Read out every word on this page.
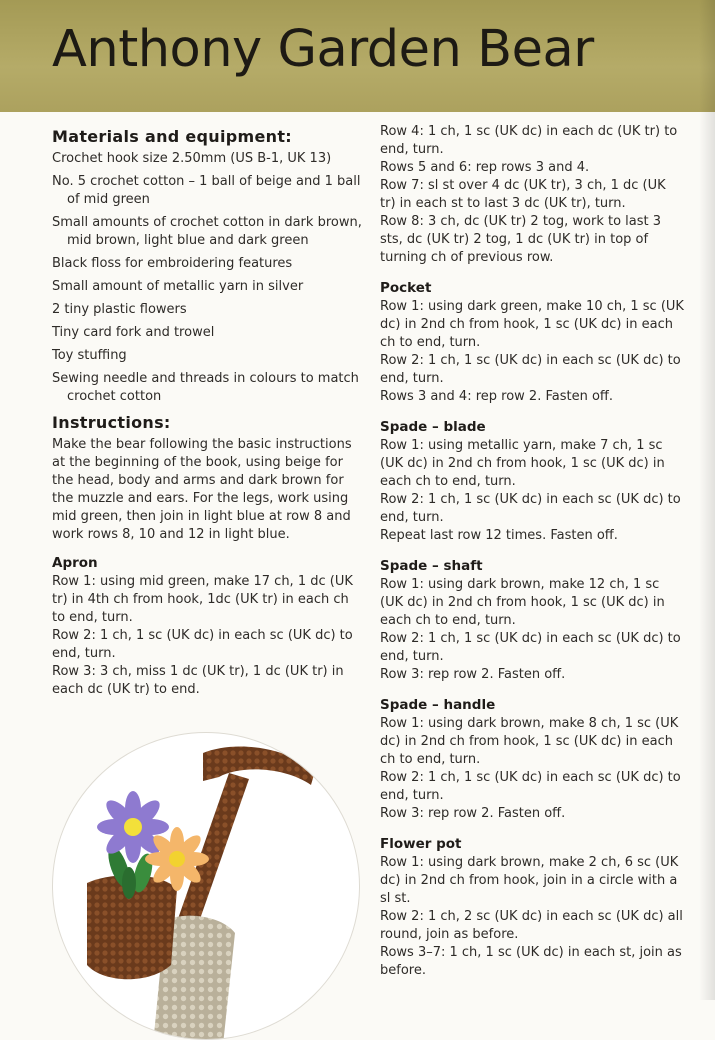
Anthony Garden Bear
Materials and equipment:
Crochet hook size 2.50mm (US B-1, UK 13)
No. 5 crochet cotton – 1 ball of beige and 1 ball of mid green
Small amounts of crochet cotton in dark brown, mid brown, light blue and dark green
Black floss for embroidering features
Small amount of metallic yarn in silver
2 tiny plastic flowers
Tiny card fork and trowel
Toy stuffing
Sewing needle and threads in colours to match crochet cotton
Instructions:

Make the bear following the basic instructions at the beginning of the book, using beige for the head, body and arms and dark brown for the muzzle and ears. For the legs, work using mid green, then join in light blue at row 8 and work rows 8, 10 and 12 in light blue.

Apron

Row 1: using mid green, make 17 ch, 1 dc (UK tr) in 4th ch from hook, 1dc (UK tr) in each ch to end, turn.

Row 2: 1 ch, 1 sc (UK dc) in each sc (UK dc) to end, turn.

Row 3: 3 ch, miss 1 dc (UK tr), 1 dc (UK tr) in each dc (UK tr) to end.

Row 4: 1 ch, 1 sc (UK dc) in each dc (UK tr) to end, turn.

Rows 5 and 6: rep rows 3 and 4.

Row 7: sl st over 4 dc (UK tr), 3 ch, 1 dc (UK tr) in each st to last 3 dc (UK tr), turn.

Row 8: 3 ch, dc (UK tr) 2 tog, work to last 3 sts, dc (UK tr) 2 tog, 1 dc (UK tr) in top of turning ch of previous row.

Pocket

Row 1: using dark green, make 10 ch, 1 sc (UK dc) in 2nd ch from hook, 1 sc (UK dc) in each ch to end, turn.

Row 2: 1 ch, 1 sc (UK dc) in each sc (UK dc) to end, turn.

Rows 3 and 4: rep row 2. Fasten off.

Spade – blade

Row 1: using metallic yarn, make 7 ch, 1 sc (UK dc) in 2nd ch from hook, 1 sc (UK dc) in each ch to end, turn.

Row 2: 1 ch, 1 sc (UK dc) in each sc (UK dc) to end, turn.

Repeat last row 12 times. Fasten off.

Spade – shaft

Row 1: using dark brown, make 12 ch, 1 sc (UK dc) in 2nd ch from hook, 1 sc (UK dc) in each ch to end, turn.

Row 2: 1 ch, 1 sc (UK dc) in each sc (UK dc) to end, turn.

Row 3: rep row 2. Fasten off.

Spade – handle

Row 1: using dark brown, make 8 ch, 1 sc (UK dc) in 2nd ch from hook, 1 sc (UK dc) in each ch to end, turn.

Row 2: 1 ch, 1 sc (UK dc) in each sc (UK dc) to end, turn.

Row 3: rep row 2. Fasten off.

Flower pot

Row 1: using dark brown, make 2 ch, 6 sc (UK dc) in 2nd ch from hook, join in a circle with a sl st.

Row 2: 1 ch, 2 sc (UK dc) in each sc (UK dc) all round, join as before.

Rows 3–7: 1 ch, 1 sc (UK dc) in each st, join as before.
